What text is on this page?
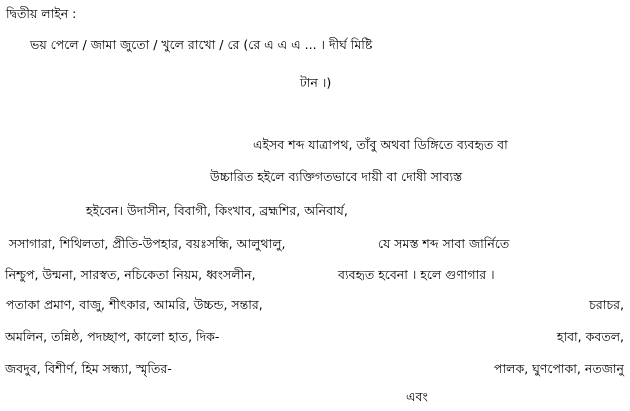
দ্বিতীয় লাইন :
ভয় পেলে / জামা জুতো / খুলে রাখো / রে (রে এ এ এ ... । দীর্ঘ মিষ্টি
টান ।)
এইসব শব্দ যাত্রাপথ, তাঁবু অথবা ডিঙ্গিতে ব্যবহৃত বা
উচ্চারিত হইলে ব্যক্তিগতভাবে দায়ী বা দোষী সাব্যস্ত
হইবেন। উদাসীন, বিবাগী, কিংখাব, ব্রহ্মশির, অনিবার্য,
সসাগারা, শিথিলতা, প্রীতি-উপহার, বয়ঃসন্ধি, আলুথালু,	যে সমস্ত শব্দ সাবা জার্নিতে
নিশ্চুপ, উন্মনা, সারস্বত, নচিকেতা নিয়ম, ধ্বংসলীন,	ব্যবহৃত হবেনা । হলে গুণাগার ।
পতাকা প্রমাণ, বাজু, শীৎকার, আমরি, উচ্চন্ড, সন্তার,	চরাচর,
অমলিন, তন্নিষ্ঠ, পদচ্ছাপ, কালো হাত, দিক-	হাবা, কবতল,
জবদুব, বিশীর্ণ, হিম সন্ধ্যা, স্মৃতির-	পালক, ঘুণপোকা, নতজানু
এবং
